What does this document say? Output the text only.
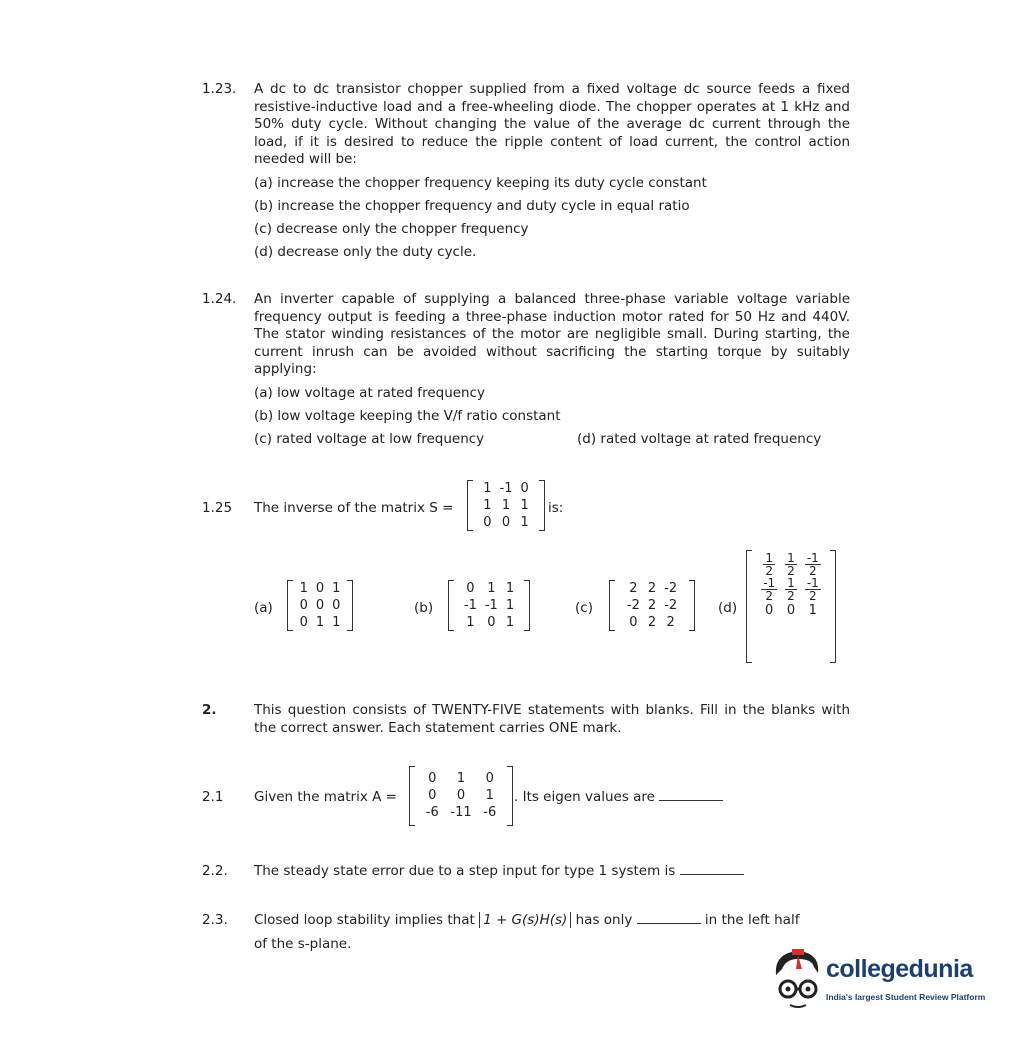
1.23. A dc to dc transistor chopper supplied from a fixed voltage dc source feeds a fixed resistive-inductive load and a free-wheeling diode. The chopper operates at 1 kHz and 50% duty cycle. Without changing the value of the average dc current through the load, if it is desired to reduce the ripple content of load current, the control action needed will be:
(a) increase the chopper frequency keeping its duty cycle constant
(b) increase the chopper frequency and duty cycle in equal ratio
(c) decrease only the chopper frequency
(d) decrease only the duty cycle.
1.24. An inverter capable of supplying a balanced three-phase variable voltage variable frequency output is feeding a three-phase induction motor rated for 50 Hz and 440V. The stator winding resistances of the motor are negligible small. During starting, the current inrush can be avoided without sacrificing the starting torque by suitably applying:
(a) low voltage at rated frequency
(b) low voltage keeping the V/f ratio constant
(c) rated voltage at low frequency	(d) rated voltage at rated frequency
1.25 The inverse of the matrix S =
1	-1	0
1	1	1
0	0	1
is:
(a)
1	0	1
0	0	0
0	1	1
(b)
0	1	1
-1	-1	1
1	0	1
(c)
2	2	-2
-2	2	-2
0	2	2
(d)
$\frac{1}{2}$	$\frac{1}{2}$	$\frac{-1}{2}$

$\frac{-1}{2}$	$\frac{1}{2}$	$\frac{-1}{2}$

0	0	1
2.	This question consists of TWENTY-FIVE statements with blanks. Fill in the blanks with the correct answer. Each statement carries ONE mark.
2.1 Given the matrix A =
0	1	0
0	0	1
-6	-11	-6
. Its eigen values are
2.2. The steady state error due to a step input for type 1 system is
2.3. Closed loop stability implies that 1 + G(s)H(s) has only	in the left half
of the s-plane.
collegedunia
India's largest Student Review Platform
